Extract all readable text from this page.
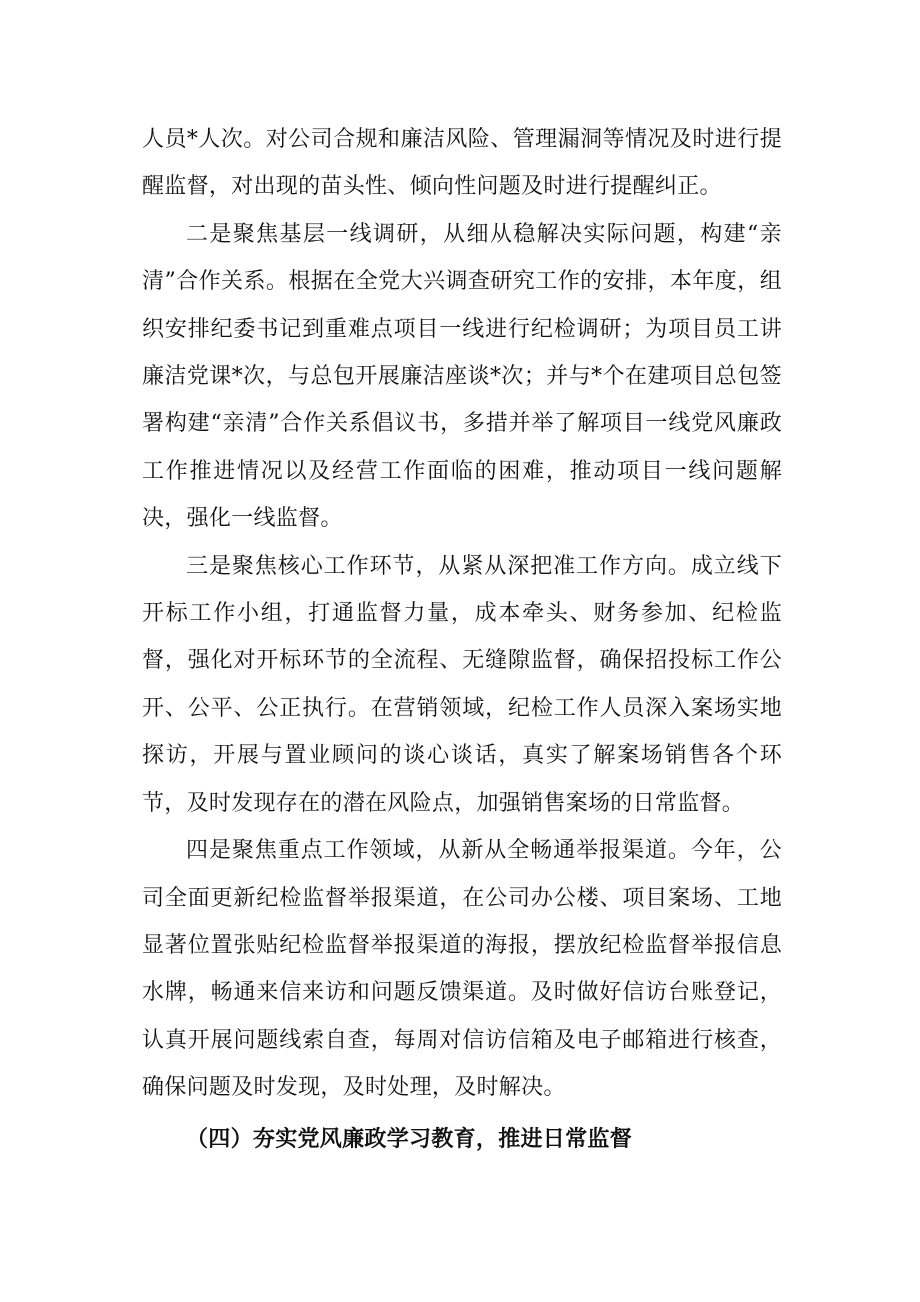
人员*人次。对公司合规和廉洁风险、管理漏洞等情况及时进行提醒监督，对出现的苗头性、倾向性问题及时进行提醒纠正。

二是聚焦基层一线调研，从细从稳解决实际问题，构建“亲清”合作关系。根据在全党大兴调查研究工作的安排，本年度，组织安排纪委书记到重难点项目一线进行纪检调研；为项目员工讲廉洁党课*次，与总包开展廉洁座谈*次；并与*个在建项目总包签署构建“亲清”合作关系倡议书，多措并举了解项目一线党风廉政工作推进情况以及经营工作面临的困难，推动项目一线问题解决，强化一线监督。

三是聚焦核心工作环节，从紧从深把准工作方向。成立线下开标工作小组，打通监督力量，成本牵头、财务参加、纪检监督，强化对开标环节的全流程、无缝隙监督，确保招投标工作公开、公平、公正执行。在营销领域，纪检工作人员深入案场实地探访，开展与置业顾问的谈心谈话，真实了解案场销售各个环节，及时发现存在的潜在风险点，加强销售案场的日常监督。

四是聚焦重点工作领域，从新从全畅通举报渠道。今年，公司全面更新纪检监督举报渠道，在公司办公楼、项目案场、工地显著位置张贴纪检监督举报渠道的海报，摆放纪检监督举报信息水牌，畅通来信来访和问题反馈渠道。及时做好信访台账登记，认真开展问题线索自查，每周对信访信箱及电子邮箱进行核查，确保问题及时发现，及时处理，及时解决。

（四）夯实党风廉政学习教育，推进日常监督
